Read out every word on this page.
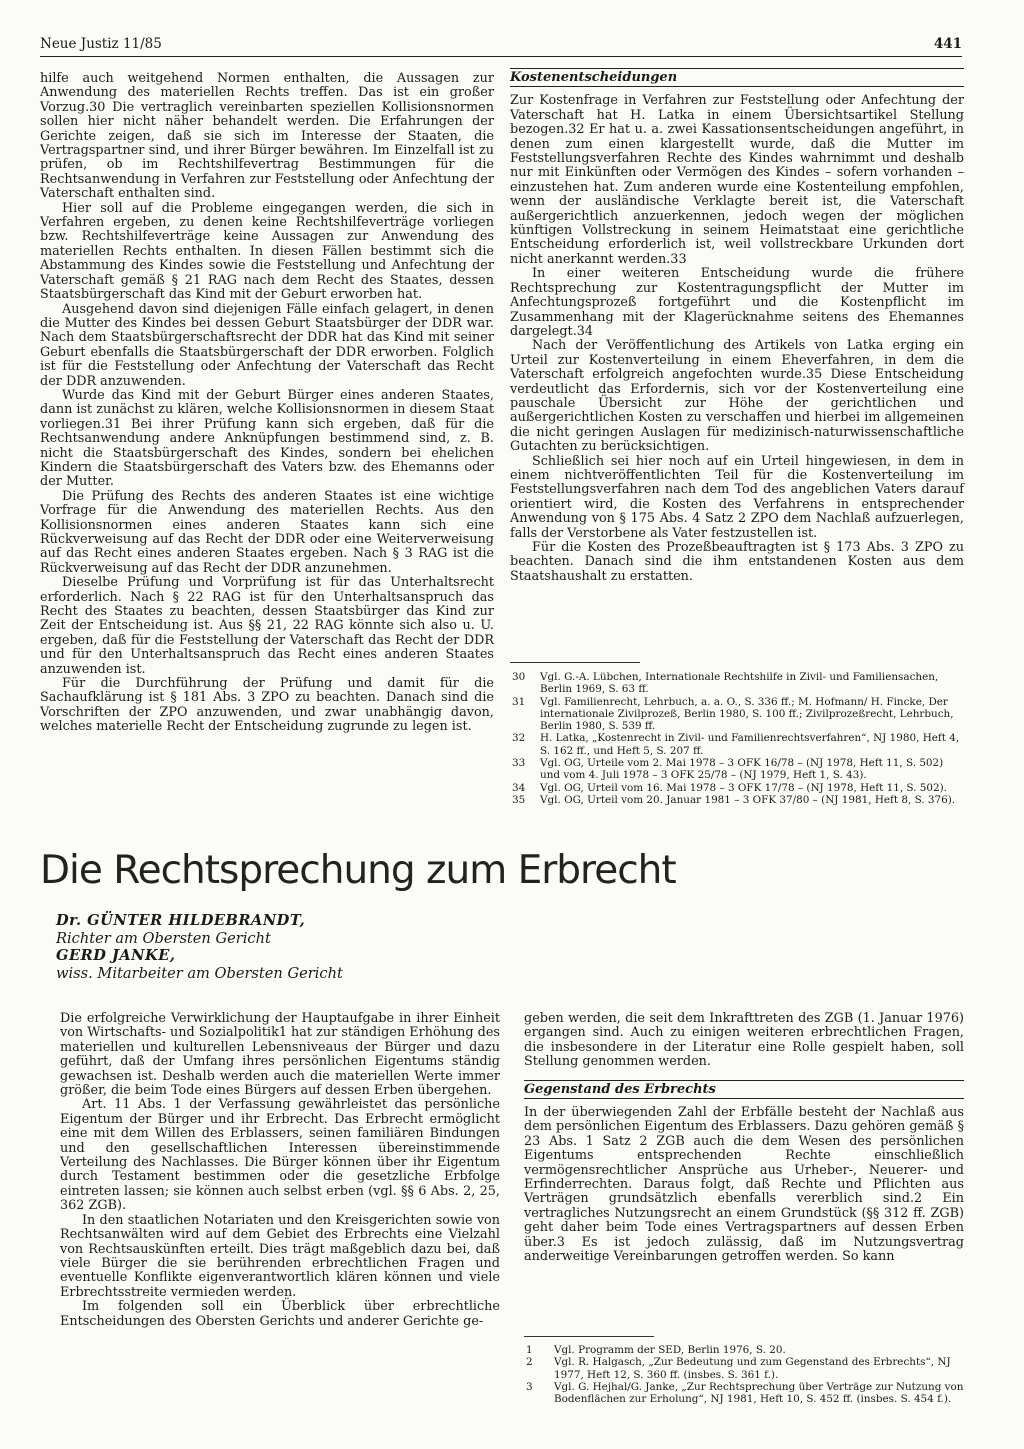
Neue Justiz 11/85	441

hilfe auch weitgehend Normen enthalten, die Aussagen zur Anwendung des materiellen Rechts treffen. Das ist ein großer Vorzug.30 Die vertraglich vereinbarten speziellen Kollisionsnormen sollen hier nicht näher behandelt werden. Die Erfahrungen der Gerichte zeigen, daß sie sich im Interesse der Staaten, die Vertragspartner sind, und ihrer Bürger bewähren. Im Einzelfall ist zu prüfen, ob im Rechtshilfevertrag Bestimmungen für die Rechtsanwendung in Verfahren zur Feststellung oder Anfechtung der Vaterschaft enthalten sind.

Hier soll auf die Probleme eingegangen werden, die sich in Verfahren ergeben, zu denen keine Rechtshilfeverträge vorliegen bzw. Rechtshilfeverträge keine Aussagen zur Anwendung des materiellen Rechts enthalten. In diesen Fällen bestimmt sich die Abstammung des Kindes sowie die Feststellung und Anfechtung der Vaterschaft gemäß § 21 RAG nach dem Recht des Staates, dessen Staatsbürgerschaft das Kind mit der Geburt erworben hat.

Ausgehend davon sind diejenigen Fälle einfach gelagert, in denen die Mutter des Kindes bei dessen Geburt Staatsbürger der DDR war. Nach dem Staatsbürgerschaftsrecht der DDR hat das Kind mit seiner Geburt ebenfalls die Staatsbürgerschaft der DDR erworben. Folglich ist für die Feststellung oder Anfechtung der Vaterschaft das Recht der DDR anzuwenden.

Wurde das Kind mit der Geburt Bürger eines anderen Staates, dann ist zunächst zu klären, welche Kollisionsnormen in diesem Staat vorliegen.31 Bei ihrer Prüfung kann sich ergeben, daß für die Rechtsanwendung andere Anknüpfungen bestimmend sind, z. B. nicht die Staatsbürgerschaft des Kindes, sondern bei ehelichen Kindern die Staatsbürgerschaft des Vaters bzw. des Ehemanns oder der Mutter.

Die Prüfung des Rechts des anderen Staates ist eine wichtige Vorfrage für die Anwendung des materiellen Rechts. Aus den Kollisionsnormen eines anderen Staates kann sich eine Rückverweisung auf das Recht der DDR oder eine Weiterverweisung auf das Recht eines anderen Staates ergeben. Nach § 3 RAG ist die Rückverweisung auf das Recht der DDR anzunehmen.

Dieselbe Prüfung und Vorprüfung ist für das Unterhaltsrecht erforderlich. Nach § 22 RAG ist für den Unterhaltsanspruch das Recht des Staates zu beachten, dessen Staatsbürger das Kind zur Zeit der Entscheidung ist. Aus §§ 21, 22 RAG könnte sich also u. U. ergeben, daß für die Feststellung der Vaterschaft das Recht der DDR und für den Unterhaltsanspruch das Recht eines anderen Staates anzuwenden ist.

Für die Durchführung der Prüfung und damit für die Sachaufklärung ist § 181 Abs. 3 ZPO zu beachten. Danach sind die Vorschriften der ZPO anzuwenden, und zwar unabhängig davon, welches materielle Recht der Entscheidung zugrunde zu legen ist.

Kostenentscheidungen

Zur Kostenfrage in Verfahren zur Feststellung oder Anfechtung der Vaterschaft hat H. Latka in einem Übersichtsartikel Stellung bezogen.32 Er hat u. a. zwei Kassationsentscheidungen angeführt, in denen zum einen klargestellt wurde, daß die Mutter im Feststellungsverfahren Rechte des Kindes wahrnimmt und deshalb nur mit Einkünften oder Vermögen des Kindes – sofern vorhanden – einzustehen hat. Zum anderen wurde eine Kostenteilung empfohlen, wenn der ausländische Verklagte bereit ist, die Vaterschaft außergerichtlich anzuerkennen, jedoch wegen der möglichen künftigen Vollstreckung in seinem Heimatstaat eine gerichtliche Entscheidung erforderlich ist, weil vollstreckbare Urkunden dort nicht anerkannt werden.33

In einer weiteren Entscheidung wurde die frühere Rechtsprechung zur Kostentragungspflicht der Mutter im Anfechtungsprozeß fortgeführt und die Kostenpflicht im Zusammenhang mit der Klagerücknahme seitens des Ehemannes dargelegt.34

Nach der Veröffentlichung des Artikels von Latka erging ein Urteil zur Kostenverteilung in einem Eheverfahren, in dem die Vaterschaft erfolgreich angefochten wurde.35 Diese Entscheidung verdeutlicht das Erfordernis, sich vor der Kostenverteilung eine pauschale Übersicht zur Höhe der gerichtlichen und außergerichtlichen Kosten zu verschaffen und hierbei im allgemeinen die nicht geringen Auslagen für medizinisch-naturwissenschaftliche Gutachten zu berücksichtigen.

Schließlich sei hier noch auf ein Urteil hingewiesen, in dem in einem nichtveröffentlichten Teil für die Kostenverteilung im Feststellungsverfahren nach dem Tod des angeblichen Vaters darauf orientiert wird, die Kosten des Verfahrens in entsprechender Anwendung von § 175 Abs. 4 Satz 2 ZPO dem Nachlaß aufzuerlegen, falls der Verstorbene als Vater festzustellen ist.

Für die Kosten des Prozeßbeauftragten ist § 173 Abs. 3 ZPO zu beachten. Danach sind die ihm entstandenen Kosten aus dem Staatshaushalt zu erstatten.

30	Vgl. G.-A. Lübchen, Internationale Rechtshilfe in Zivil- und Familiensachen, Berlin 1969, S. 63 ff.
31	Vgl. Familienrecht, Lehrbuch, a. a. O., S. 336 ff.; M. Hofmann/ H. Fincke, Der internationale Zivilprozeß, Berlin 1980, S. 100 ff.; Zivilprozeßrecht, Lehrbuch, Berlin 1980, S. 539 ff.
32	H. Latka, „Kostenrecht in Zivil- und Familienrechtsverfahren“, NJ 1980, Heft 4, S. 162 ff., und Heft 5, S. 207 ff.
33	Vgl. OG, Urteile vom 2. Mai 1978 – 3 OFK 16/78 – (NJ 1978, Heft 11, S. 502) und vom 4. Juli 1978 – 3 OFK 25/78 – (NJ 1979, Heft 1, S. 43).
34	Vgl. OG, Urteil vom 16. Mai 1978 – 3 OFK 17/78 – (NJ 1978, Heft 11, S. 502).
35	Vgl. OG, Urteil vom 20. Januar 1981 – 3 OFK 37/80 – (NJ 1981, Heft 8, S. 376).
Die Rechtsprechung zum Erbrecht
Dr. GÜNTER HILDEBRANDT,
Richter am Obersten Gericht
GERD JANKE,
wiss. Mitarbeiter am Obersten Gericht

Die erfolgreiche Verwirklichung der Hauptaufgabe in ihrer Einheit von Wirtschafts- und Sozialpolitik1 hat zur ständigen Erhöhung des materiellen und kulturellen Lebensniveaus der Bürger und dazu geführt, daß der Umfang ihres persönlichen Eigentums ständig gewachsen ist. Deshalb werden auch die materiellen Werte immer größer, die beim Tode eines Bürgers auf dessen Erben übergehen.

Art. 11 Abs. 1 der Verfassung gewährleistet das persönliche Eigentum der Bürger und ihr Erbrecht. Das Erbrecht ermöglicht eine mit dem Willen des Erblassers, seinen familiären Bindungen und den gesellschaftlichen Interessen übereinstimmende Verteilung des Nachlasses. Die Bürger können über ihr Eigentum durch Testament bestimmen oder die gesetzliche Erbfolge eintreten lassen; sie können auch selbst erben (vgl. §§ 6 Abs. 2, 25, 362 ZGB).

In den staatlichen Notariaten und den Kreisgerichten sowie von Rechtsanwälten wird auf dem Gebiet des Erbrechts eine Vielzahl von Rechtsauskünften erteilt. Dies trägt maßgeblich dazu bei, daß viele Bürger die sie berührenden erbrechtlichen Fragen und eventuelle Konflikte eigenverantwortlich klären können und viele Erbrechtsstreite vermieden werden.

Im folgenden soll ein Überblick über erbrechtliche Entscheidungen des Obersten Gerichts und anderer Gerichte ge-

geben werden, die seit dem Inkrafttreten des ZGB (1. Januar 1976) ergangen sind. Auch zu einigen weiteren erbrechtlichen Fragen, die insbesondere in der Literatur eine Rolle gespielt haben, soll Stellung genommen werden.

Gegenstand des Erbrechts

In der überwiegenden Zahl der Erbfälle besteht der Nachlaß aus dem persönlichen Eigentum des Erblassers. Dazu gehören gemäß § 23 Abs. 1 Satz 2 ZGB auch die dem Wesen des persönlichen Eigentums entsprechenden Rechte einschließlich vermögensrechtlicher Ansprüche aus Urheber-, Neuerer- und Erfinderrechten. Daraus folgt, daß Rechte und Pflichten aus Verträgen grundsätzlich ebenfalls vererblich sind.2 Ein vertragliches Nutzungsrecht an einem Grundstück (§§ 312 ff. ZGB) geht daher beim Tode eines Vertragspartners auf dessen Erben über.3 Es ist jedoch zulässig, daß im Nutzungsvertrag anderweitige Vereinbarungen getroffen werden. So kann

1	Vgl. Programm der SED, Berlin 1976, S. 20.
2	Vgl. R. Halgasch, „Zur Bedeutung und zum Gegenstand des Erbrechts“, NJ 1977, Heft 12, S. 360 ff. (insbes. S. 361 f.).
3	Vgl. G. Hejhal/G. Janke, „Zur Rechtsprechung über Verträge zur Nutzung von Bodenflächen zur Erholung“, NJ 1981, Heft 10, S. 452 ff. (insbes. S. 454 f.).
